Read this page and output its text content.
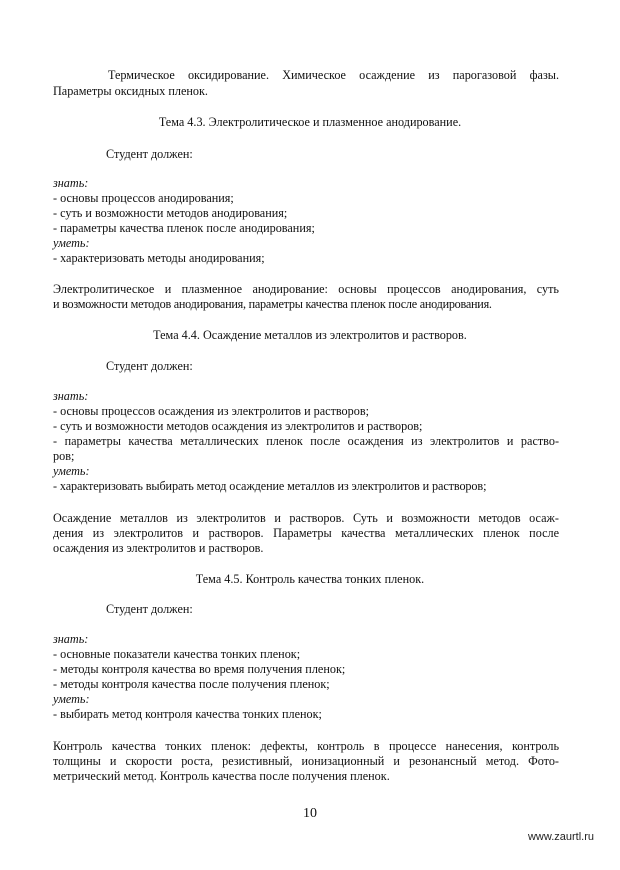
Термическое оксидирование. Химическое осаждение из парогазовой фазы.
Параметры оксидных пленок.
Тема 4.3. Электролитическое и плазменное анодирование.
Студент должен:
знать:
- основы процессов анодирования;
- суть и возможности методов анодирования;
- параметры качества пленок после анодирования;
уметь:
- характеризовать методы анодирования;
Электролитическое и плазменное анодирование: основы процессов анодирования, суть
и возможности методов анодирования, параметры качества пленок после анодирования.
Тема 4.4. Осаждение металлов из электролитов и растворов.
Студент должен:
знать:
- основы процессов осаждения из электролитов и растворов;
- суть и возможности методов осаждения из электролитов и растворов;
- параметры качества металлических пленок после осаждения из электролитов и раство-
ров;
уметь:
- характеризовать выбирать метод осаждение металлов из электролитов и растворов;
Осаждение металлов из электролитов и растворов. Суть и возможности методов осаж-
дения из электролитов и растворов. Параметры качества металлических пленок после
осаждения из электролитов и растворов.
Тема 4.5. Контроль качества тонких пленок.
Студент должен:
знать:
- основные показатели качества тонких пленок;
- методы контроля качества во время получения пленок;
- методы контроля качества после получения пленок;
уметь:
- выбирать метод контроля качества тонких пленок;
Контроль качества тонких пленок: дефекты, контроль в процессе нанесения, контроль
толщины и скорости роста, резистивный, ионизационный и резонансный метод. Фото-
метрический метод. Контроль качества после получения пленок.
10
www.zaurtl.ru
